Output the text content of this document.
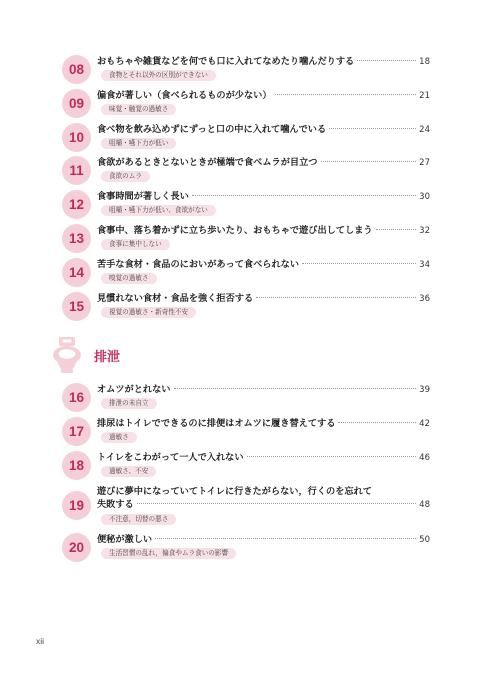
08
おもちゃや雑貨などを何でも口に入れてなめたり噛んだりする	18
食物とそれ以外の区別ができない
09
偏食が著しい（食べられるものが少ない）	21
味覚・触覚の過敏さ
10
食べ物を飲み込めずにずっと口の中に入れて噛んでいる	24
咀嚼・嚥下力が低い
11
食欲があるときとないときが極端で食べムラが目立つ	27
食欲のムラ
12
食事時間が著しく長い	30
咀嚼・嚥下力が低い、食欲がない
13
食事中、落ち着かずに立ち歩いたり、おもちゃで遊び出してしまう	32
食事に集中しない
14
苦手な食材・食品のにおいがあって食べられない	34
嗅覚の過敏さ
15
見慣れない食材・食品を強く拒否する	36
視覚の過敏さ・新奇性不安
排泄
16
オムツがとれない	39
排泄の未自立
17
排尿はトイレでできるのに排便はオムツに履き替えてする	42
過敏さ
18
トイレをこわがって一人で入れない	46
過敏さ、不安
19
遊びに夢中になっていてトイレに行きたがらない，行くのを忘れて
失敗する	48
不注意，切替の悪さ
20
便秘が激しい	50
生活習慣の乱れ，偏食やムラ食いの影響
xii
